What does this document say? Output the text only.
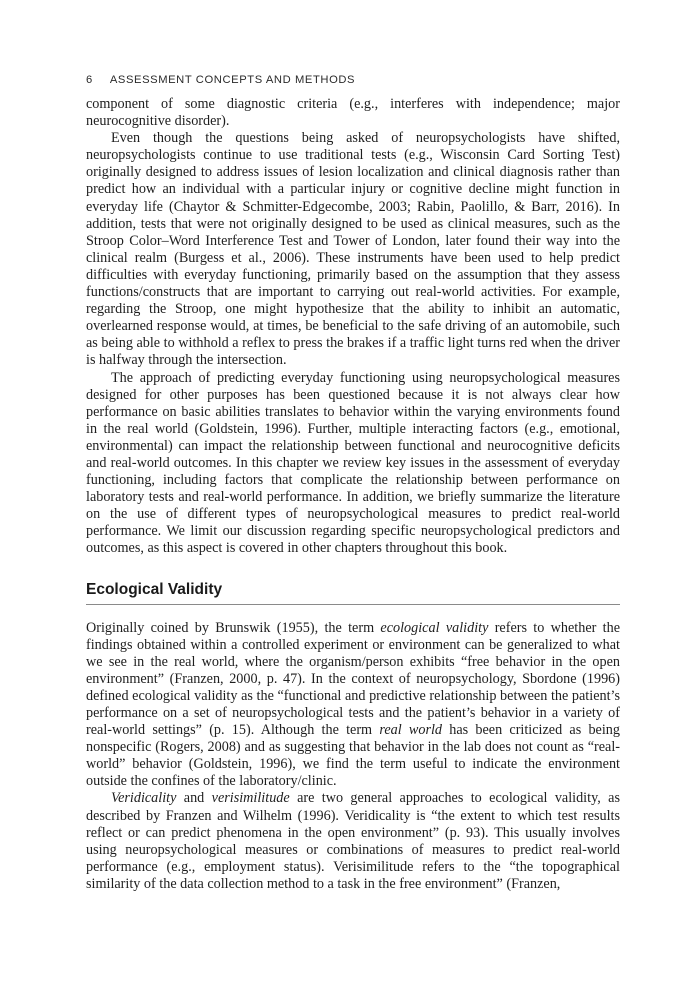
6 ASSESSMENT CONCEPTS AND METHODS

component of some diagnostic criteria (e.g., interferes with independence; major neurocognitive disorder).

Even though the questions being asked of neuropsychologists have shifted, neuropsychologists continue to use traditional tests (e.g., Wisconsin Card Sorting Test) originally designed to address issues of lesion localization and clinical diagnosis rather than predict how an individual with a particular injury or cognitive decline might function in everyday life (Chaytor & Schmitter-Edgecombe, 2003; Rabin, Paolillo, & Barr, 2016). In addition, tests that were not originally designed to be used as clinical measures, such as the Stroop Color–Word Interference Test and Tower of London, later found their way into the clinical realm (Burgess et al., 2006). These instruments have been used to help predict difficulties with everyday functioning, primarily based on the assumption that they assess functions/constructs that are important to carrying out real-world activities. For example, regarding the Stroop, one might hypothesize that the ability to inhibit an automatic, overlearned response would, at times, be beneficial to the safe driving of an automobile, such as being able to withhold a reflex to press the brakes if a traffic light turns red when the driver is halfway through the intersection.

The approach of predicting everyday functioning using neuropsychological measures designed for other purposes has been questioned because it is not always clear how performance on basic abilities translates to behavior within the varying environments found in the real world (Goldstein, 1996). Further, multiple interacting factors (e.g., emotional, environmental) can impact the relationship between functional and neurocognitive deficits and real-world outcomes. In this chapter we review key issues in the assessment of everyday functioning, including factors that complicate the relationship between performance on laboratory tests and real-world performance. In addition, we briefly summarize the literature on the use of different types of neuropsychological measures to predict real-world performance. We limit our discussion regarding specific neuropsychological predictors and outcomes, as this aspect is covered in other chapters throughout this book.

Ecological Validity

Originally coined by Brunswik (1955), the term ecological validity refers to whether the findings obtained within a controlled experiment or environment can be generalized to what we see in the real world, where the organism/person exhibits “free behavior in the open environment” (Franzen, 2000, p. 47). In the context of neuropsychology, Sbordone (1996) defined ecological validity as the “functional and predictive relationship between the patient’s performance on a set of neuropsychological tests and the patient’s behavior in a variety of real-world settings” (p. 15). Although the term real world has been criticized as being nonspecific (Rogers, 2008) and as suggesting that behavior in the lab does not count as “real-world” behavior (Goldstein, 1996), we find the term useful to indicate the environment outside the confines of the laboratory/clinic.

Veridicality and verisimilitude are two general approaches to ecological validity, as described by Franzen and Wilhelm (1996). Veridicality is “the extent to which test results reflect or can predict phenomena in the open environment” (p. 93). This usually involves using neuropsychological measures or combinations of measures to predict real-world performance (e.g., employment status). Verisimilitude refers to the “the topographical similarity of the data collection method to a task in the free environment” (Franzen,
